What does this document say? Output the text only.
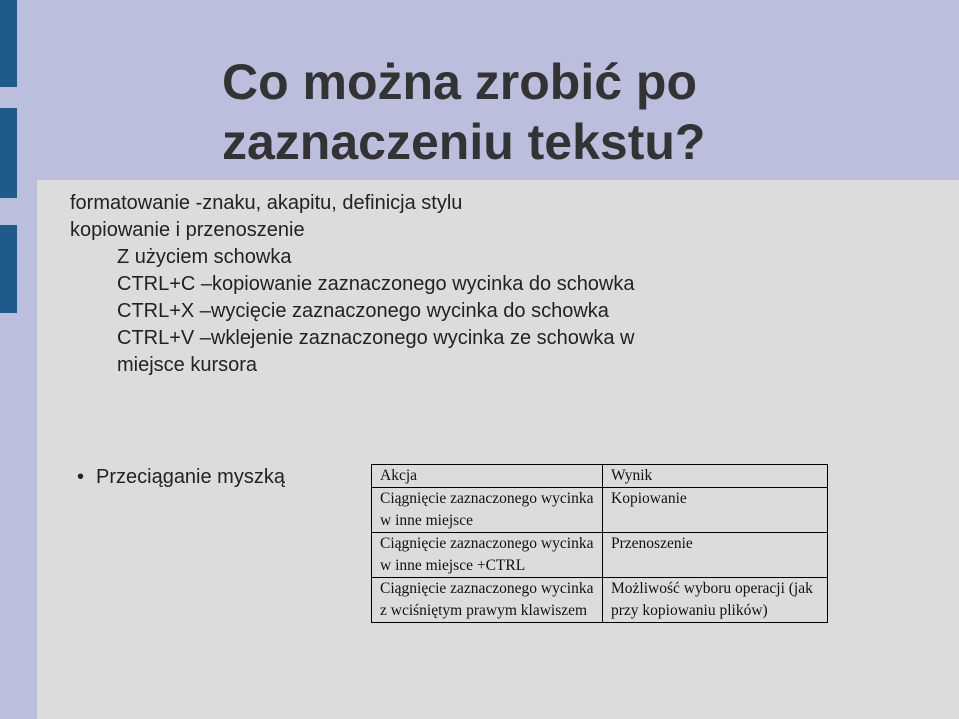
Co można zrobić po
zaznaczeniu tekstu?
• formatowanie -znaku, akapitu, definicja stylu
• kopiowanie i przenoszenie
• Z użyciem schowka
• CTRL+C –kopiowanie zaznaczonego wycinka do schowka
• CTRL+X –wycięcie zaznaczonego wycinka do schowka
• CTRL+V –wklejenie zaznaczonego wycinka ze schowka w miejsce kursora
• Przeciąganie myszką	Akcja	Wynik
Ciągnięcie zaznaczonego wycinka w inne miejsce	Kopiowanie
Ciągnięcie zaznaczonego wycinka w inne miejsce +CTRL	Przenoszenie
Ciągnięcie zaznaczonego wycinka z wciśniętym prawym klawiszem	Możliwość wyboru operacji (jak przy kopiowaniu plików)
